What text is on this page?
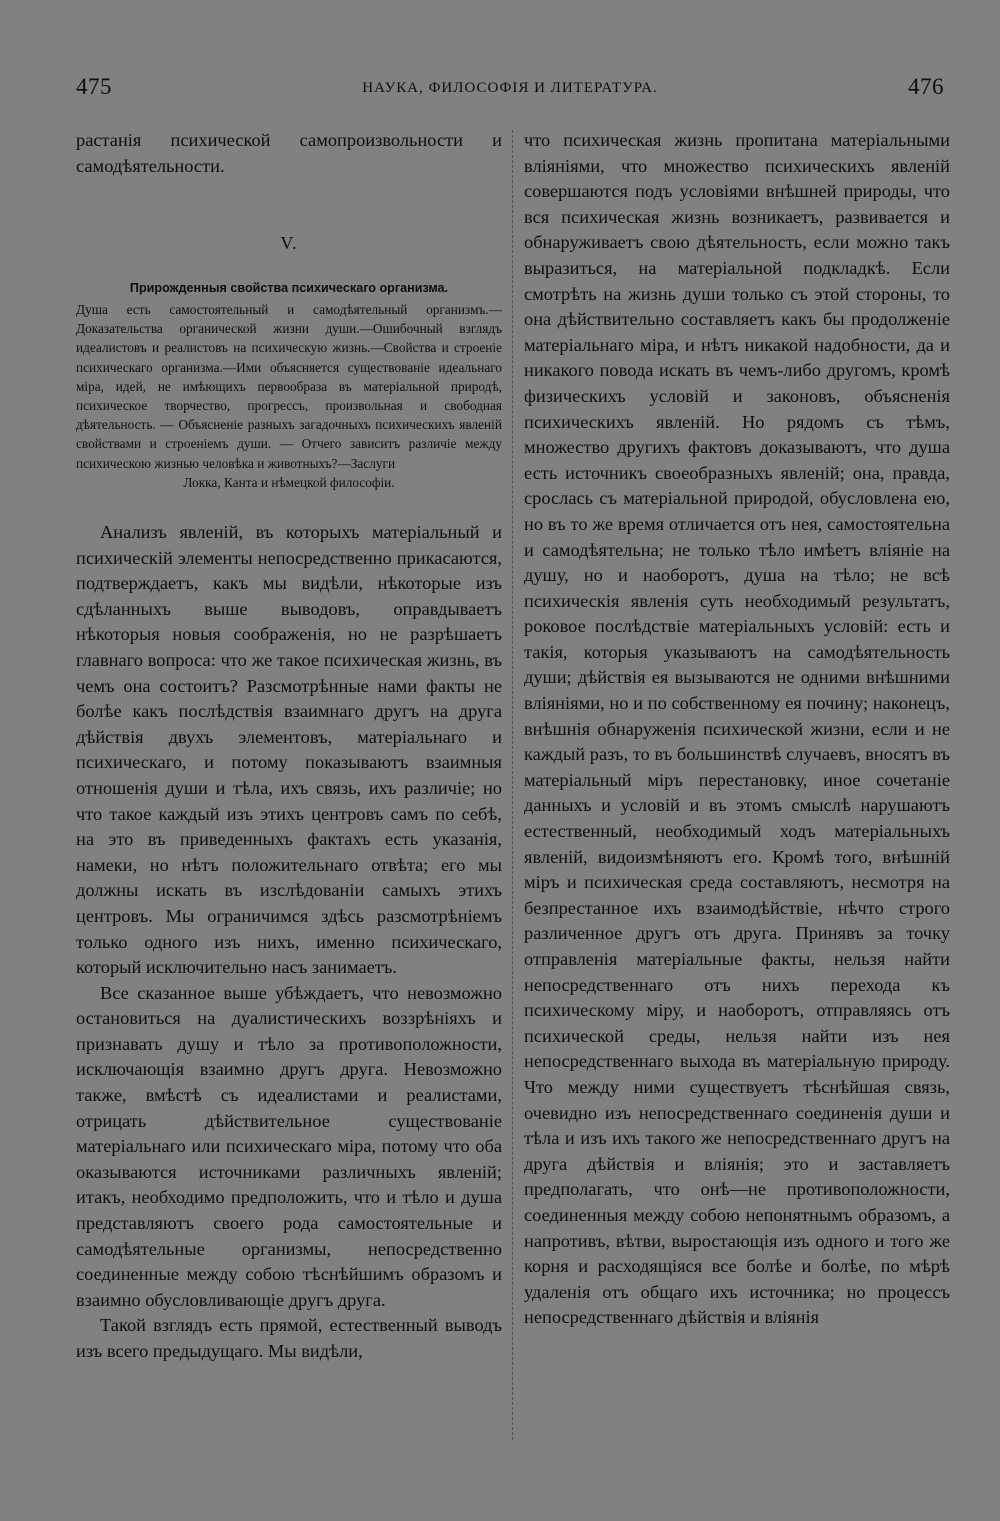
475	НАУКА, ФИЛОСОФІЯ И ЛИТЕРАТУРА.	476

растанія психической самопроизвольности и самодѣятельности.

V.
Прирожденныя свойства психическаго организма.
Душа есть самостоятельный и самодѣятельный организмъ.—Доказательства органической жизни души.—Ошибочный взглядъ идеалистовъ и реалистовъ на психическую жизнь.—Свойства и строеніе психическаго организма.—Ими объясняется существованіе идеальнаго міра, идей, не имѣющихъ первообраза въ матеріальной природѣ, психическое творчество, прогрессъ, произвольная и свободная дѣятельность. — Объясненіе разныхъ загадочныхъ психическихъ явленій свойствами и строеніемъ души. — Отчего зависитъ различіе между психическою жизнью человѣка и животныхъ?—Заслуги
Локка, Канта и нѣмецкой философіи.

Анализъ явленій, въ которыхъ матеріальный и психическій элементы непосредственно прикасаются, подтверждаетъ, какъ мы видѣли, нѣкоторые изъ сдѣланныхъ выше выводовъ, оправдываетъ нѣкоторыя новыя соображенія, но не разрѣшаетъ главнаго вопроса: что же такое психическая жизнь, въ чемъ она состоитъ? Разсмотрѣнные нами факты не болѣе какъ послѣдствія взаимнаго другъ на друга дѣйствія двухъ элементовъ, матеріальнаго и психическаго, и потому показываютъ взаимныя отношенія души и тѣла, ихъ связь, ихъ различіе; но что такое каждый изъ этихъ центровъ самъ по себѣ, на это въ приведенныхъ фактахъ есть указанія, намеки, но нѣтъ положительнаго отвѣта; его мы должны искать въ изслѣдованіи самыхъ этихъ центровъ. Мы ограничимся здѣсь разсмотрѣніемъ только одного изъ нихъ, именно психическаго, который исключительно насъ занимаетъ.

Все сказанное выше убѣждаетъ, что невозможно остановиться на дуалистическихъ воззрѣніяхъ и признавать душу и тѣло за противоположности, исключающія взаимно другъ друга. Невозможно также, вмѣстѣ съ идеалистами и реалистами, отрицать дѣйствительное существованіе матеріальнаго или психическаго міра, потому что оба оказываются источниками различныхъ явленій; итакъ, необходимо предположить, что и тѣло и душа представляютъ своего рода самостоятельные и самодѣятельные организмы, непосредственно соединенные между собою тѣснѣйшимъ образомъ и взаимно обусловливающіе другъ друга.

Такой взглядъ есть прямой, естественный выводъ изъ всего предыдущаго. Мы видѣли,

что психическая жизнь пропитана матеріальными вліяніями, что множество психическихъ явленій совершаются подъ условіями внѣшней природы, что вся психическая жизнь возникаетъ, развивается и обнаруживаетъ свою дѣятельность, если можно такъ выразиться, на матеріальной подкладкѣ. Если смотрѣть на жизнь души только съ этой стороны, то она дѣйствительно составляетъ какъ бы продолженіе матеріальнаго міра, и нѣтъ никакой надобности, да и никакого повода искать въ чемъ-либо другомъ, кромѣ физическихъ условій и законовъ, объясненія психическихъ явленій. Но рядомъ съ тѣмъ, множество другихъ фактовъ доказываютъ, что душа есть источникъ своеобразныхъ явленій; она, правда, срослась съ матеріальной природой, обусловлена ею, но въ то же время отличается отъ нея, самостоятельна и самодѣятельна; не только тѣло имѣетъ вліяніе на душу, но и наоборотъ, душа на тѣло; не всѣ психическія явленія суть необходимый результатъ, роковое послѣдствіе матеріальныхъ условій: есть и такія, которыя указываютъ на самодѣятельность души; дѣйствія ея вызываются не одними внѣшними вліяніями, но и по собственному ея почину; наконецъ, внѣшнія обнаруженія психической жизни, если и не каждый разъ, то въ большинствѣ случаевъ, вносятъ въ матеріальный міръ перестановку, иное сочетаніе данныхъ и условій и въ этомъ смыслѣ нарушаютъ естественный, необходимый ходъ матеріальныхъ явленій, видоизмѣняютъ его. Кромѣ того, внѣшній міръ и психическая среда составляютъ, несмотря на безпрестанное ихъ взаимодѣйствіе, нѣчто строго различенное другъ отъ друга. Принявъ за точку отправленія матеріальные факты, нельзя найти непосредственнаго отъ нихъ перехода къ психическому міру, и наоборотъ, отправляясь отъ психической среды, нельзя найти изъ нея непосредственнаго выхода въ матеріальную природу. Что между ними существуетъ тѣснѣйшая связь, очевидно изъ непосредственнаго соединенія души и тѣла и изъ ихъ такого же непосредственнаго другъ на друга дѣйствія и вліянія; это и заставляетъ предполагать, что онѣ—не противоположности, соединенныя между собою непонятнымъ образомъ, а напротивъ, вѣтви, выростающія изъ одного и того же корня и расходящіяся все болѣе и болѣе, по мѣрѣ удаленія отъ общаго ихъ источника; но процессъ непосредственнаго дѣйствія и вліянія
